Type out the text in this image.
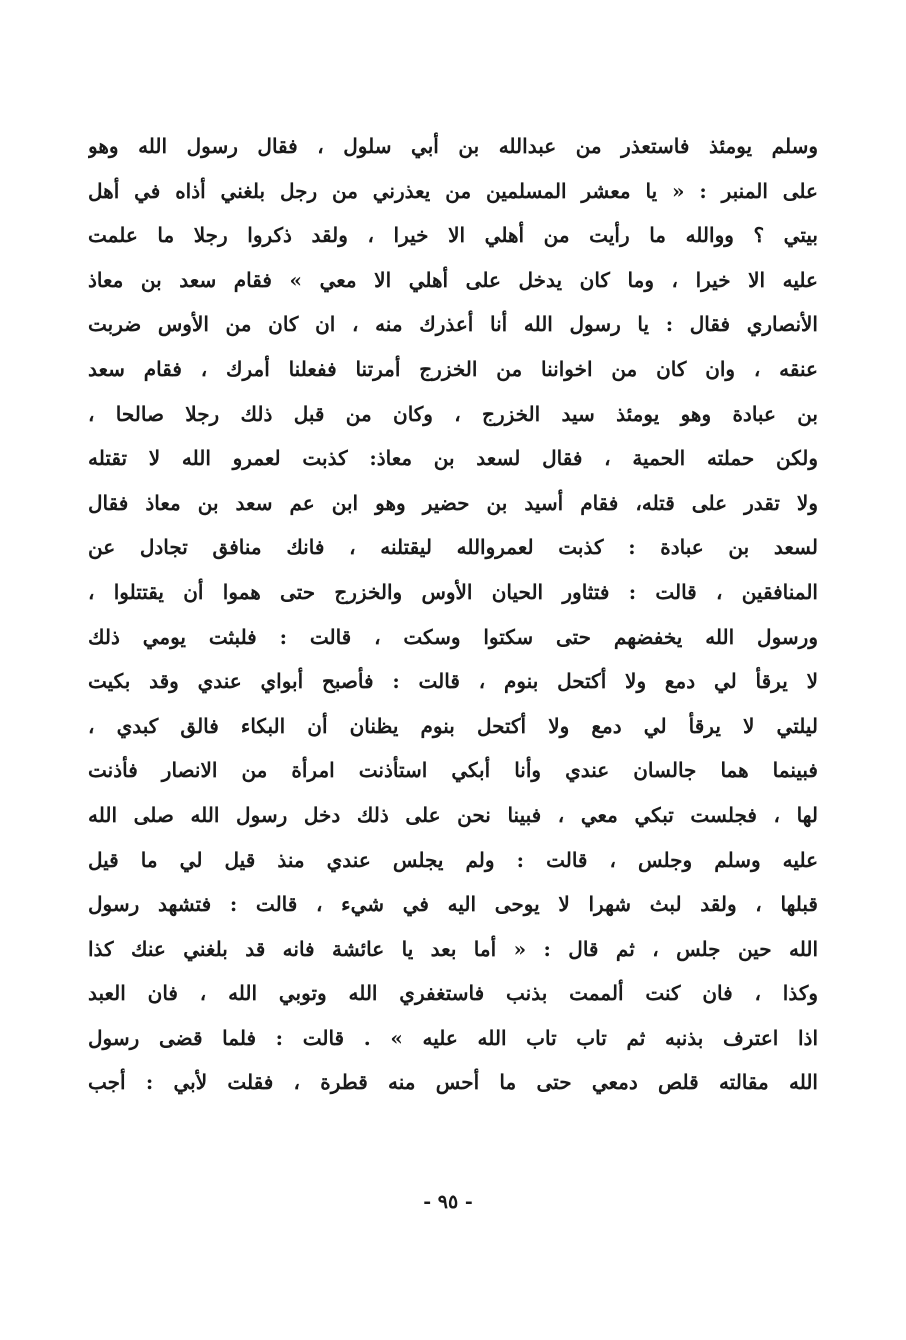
وسلم يومئذ فاستعذر من عبدالله بن أبي سلول ، فقال رسول الله وهو
على المنبر : « يا معشر المسلمين من يعذرني من رجل بلغني أذاه في أهل
بيتي ؟ ووالله ما رأيت من أهلي الا خيرا ، ولقد ذكروا رجلا ما علمت
عليه الا خيرا ، وما كان يدخل على أهلي الا معي » فقام سعد بن معاذ
الأنصاري فقال : يا رسول الله أنا أعذرك منه ، ان كان من الأوس ضربت
عنقه ، وان كان من اخواننا من الخزرج أمرتنا ففعلنا أمرك ، فقام سعد
بن عبادة وهو يومئذ سيد الخزرج ، وكان من قبل ذلك رجلا صالحا ،
ولكن حملته الحمية ، فقال لسعد بن معاذ: كذبت لعمرو الله لا تقتله
ولا تقدر على قتله، فقام أسيد بن حضير وهو ابن عم سعد بن معاذ فقال
لسعد بن عبادة : كذبت لعمروالله ليقتلنه ، فانك منافق تجادل عن
المنافقين ، قالت : فتثاور الحيان الأوس والخزرج حتى هموا أن يقتتلوا ،
ورسول الله يخفضهم حتى سكتوا وسكت ، قالت : فلبثت يومي ذلك
لا يرقأ لي دمع ولا أكتحل بنوم ، قالت : فأصبح أبواي عندي وقد بكيت
ليلتي لا يرقأ لي دمع ولا أكتحل بنوم يظنان أن البكاء فالق كبدي ،
فبينما هما جالسان عندي وأنا أبكي استأذنت امرأة من الانصار فأذنت
لها ، فجلست تبكي معي ، فبينا نحن على ذلك دخل رسول الله صلى الله
عليه وسلم وجلس ، قالت : ولم يجلس عندي منذ قيل لي ما قيل
قبلها ، ولقد لبث شهرا لا يوحى اليه في شيء ، قالت : فتشهد رسول
الله حين جلس ، ثم قال : « أما بعد يا عائشة فانه قد بلغني عنك كذا
وكذا ، فان كنت ألممت بذنب فاستغفري الله وتوبي الله ، فان العبد
اذا اعترف بذنبه ثم تاب تاب الله عليه » . قالت : فلما قضى رسول
الله مقالته قلص دمعي حتى ما أحس منه قطرة ، فقلت لأبي : أجب
- ٩٥ -
